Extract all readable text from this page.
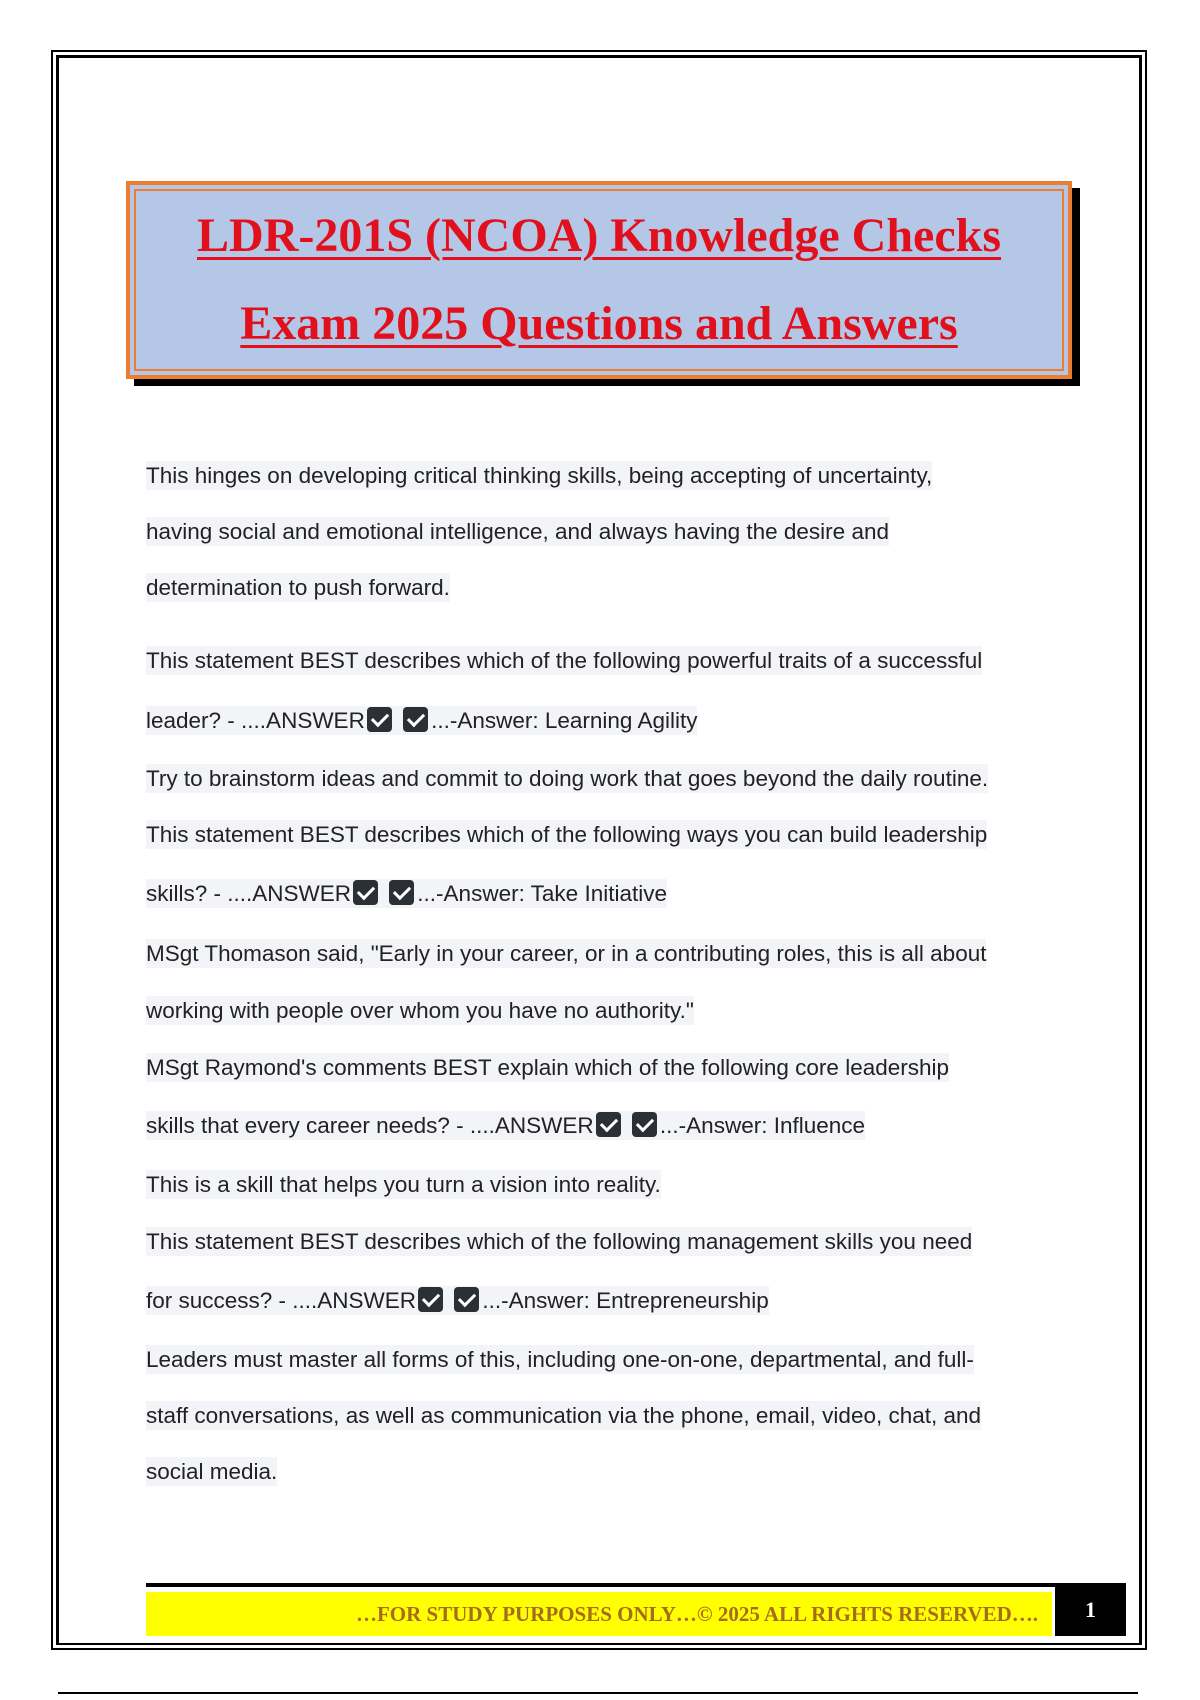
LDR-201S (NCOA) Knowledge Checks
Exam 2025 Questions and Answers
This hinges on developing critical thinking skills, being accepting of uncertainty,
having social and emotional intelligence, and always having the desire and
determination to push forward.
This statement BEST describes which of the following powerful traits of a successful
leader? - ....ANSWER	...-Answer: Learning Agility
Try to brainstorm ideas and commit to doing work that goes beyond the daily routine.
This statement BEST describes which of the following ways you can build leadership
skills? - ....ANSWER	...-Answer: Take Initiative
MSgt Thomason said, "Early in your career, or in a contributing roles, this is all about
working with people over whom you have no authority."
MSgt Raymond's comments BEST explain which of the following core leadership
skills that every career needs? - ....ANSWER	...-Answer: Influence
This is a skill that helps you turn a vision into reality.
This statement BEST describes which of the following management skills you need
for success? - ....ANSWER	...-Answer: Entrepreneurship
Leaders must master all forms of this, including one-on-one, departmental, and full-
staff conversations, as well as communication via the phone, email, video, chat, and
social media.
…FOR STUDY PURPOSES ONLY…© 2025 ALL RIGHTS RESERVED…. 1
